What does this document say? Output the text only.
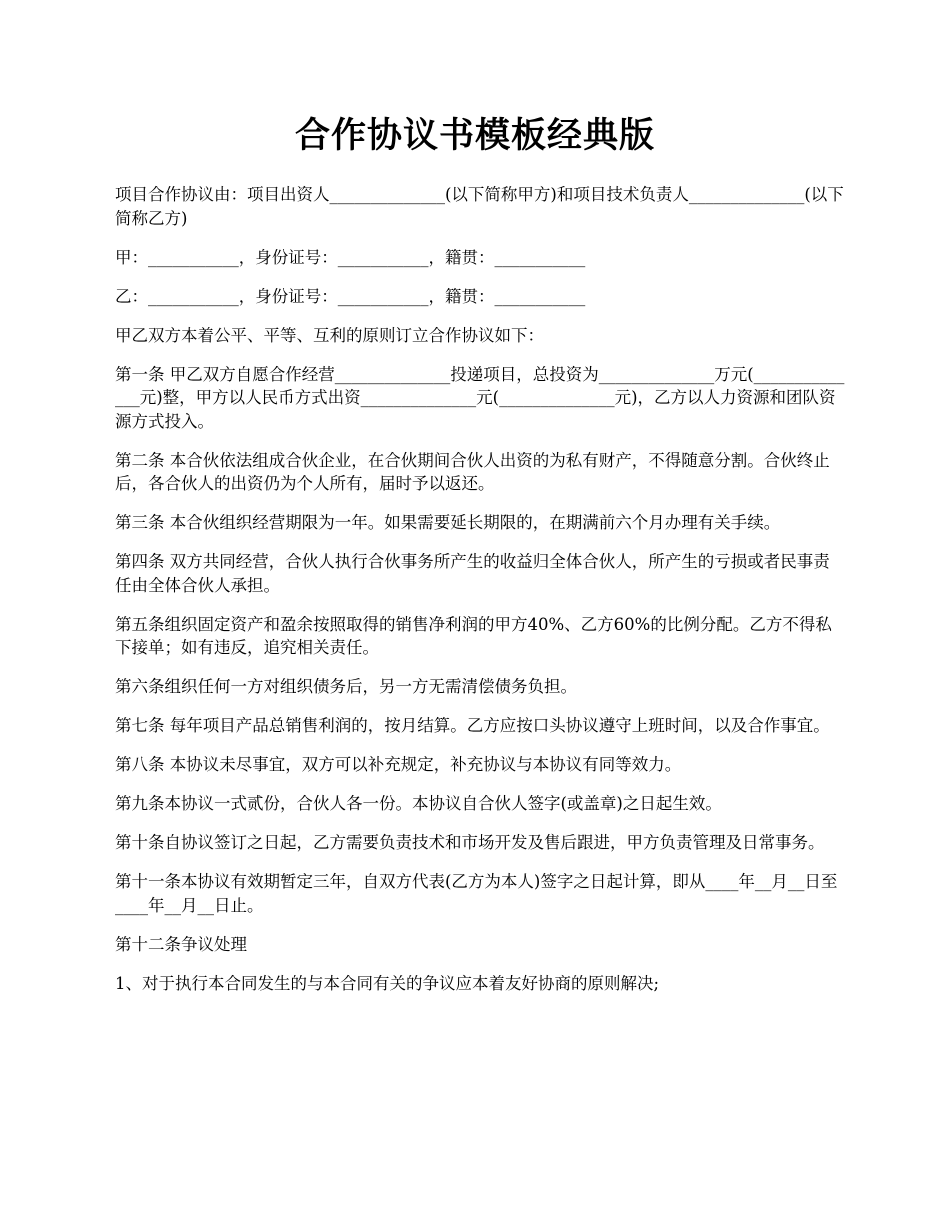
合作协议书模板经典版

项目合作协议由：项目出资人______________(以下简称甲方)和项目技术负责人______________(以下简称乙方)

甲：___________，身份证号：___________，籍贯：___________

乙：___________，身份证号：___________，籍贯：___________

甲乙双方本着公平、平等、互利的原则订立合作协议如下：

第一条 甲乙双方自愿合作经营______________投递项目，总投资为______________万元(______________元)整，甲方以人民币方式出资______________元(______________元)，乙方以人力资源和团队资源方式投入。

第二条 本合伙依法组成合伙企业，在合伙期间合伙人出资的为私有财产，不得随意分割。合伙终止后，各合伙人的出资仍为个人所有，届时予以返还。

第三条 本合伙组织经营期限为一年。如果需要延长期限的，在期满前六个月办理有关手续。

第四条 双方共同经营，合伙人执行合伙事务所产生的收益归全体合伙人，所产生的亏损或者民事责任由全体合伙人承担。

第五条组织固定资产和盈余按照取得的销售净利润的甲方40%、乙方60%的比例分配。乙方不得私下接单；如有违反，追究相关责任。

第六条组织任何一方对组织债务后，另一方无需清偿债务负担。

第七条 每年项目产品总销售利润的，按月结算。乙方应按口头协议遵守上班时间，以及合作事宜。

第八条 本协议未尽事宜，双方可以补充规定，补充协议与本协议有同等效力。

第九条本协议一式贰份，合伙人各一份。本协议自合伙人签字(或盖章)之日起生效。

第十条自协议签订之日起，乙方需要负责技术和市场开发及售后跟进，甲方负责管理及日常事务。

第十一条本协议有效期暂定三年，自双方代表(乙方为本人)签字之日起计算，即从____年__月__日至____年__月__日止。

第十二条争议处理

1、对于执行本合同发生的与本合同有关的争议应本着友好协商的原则解决;
